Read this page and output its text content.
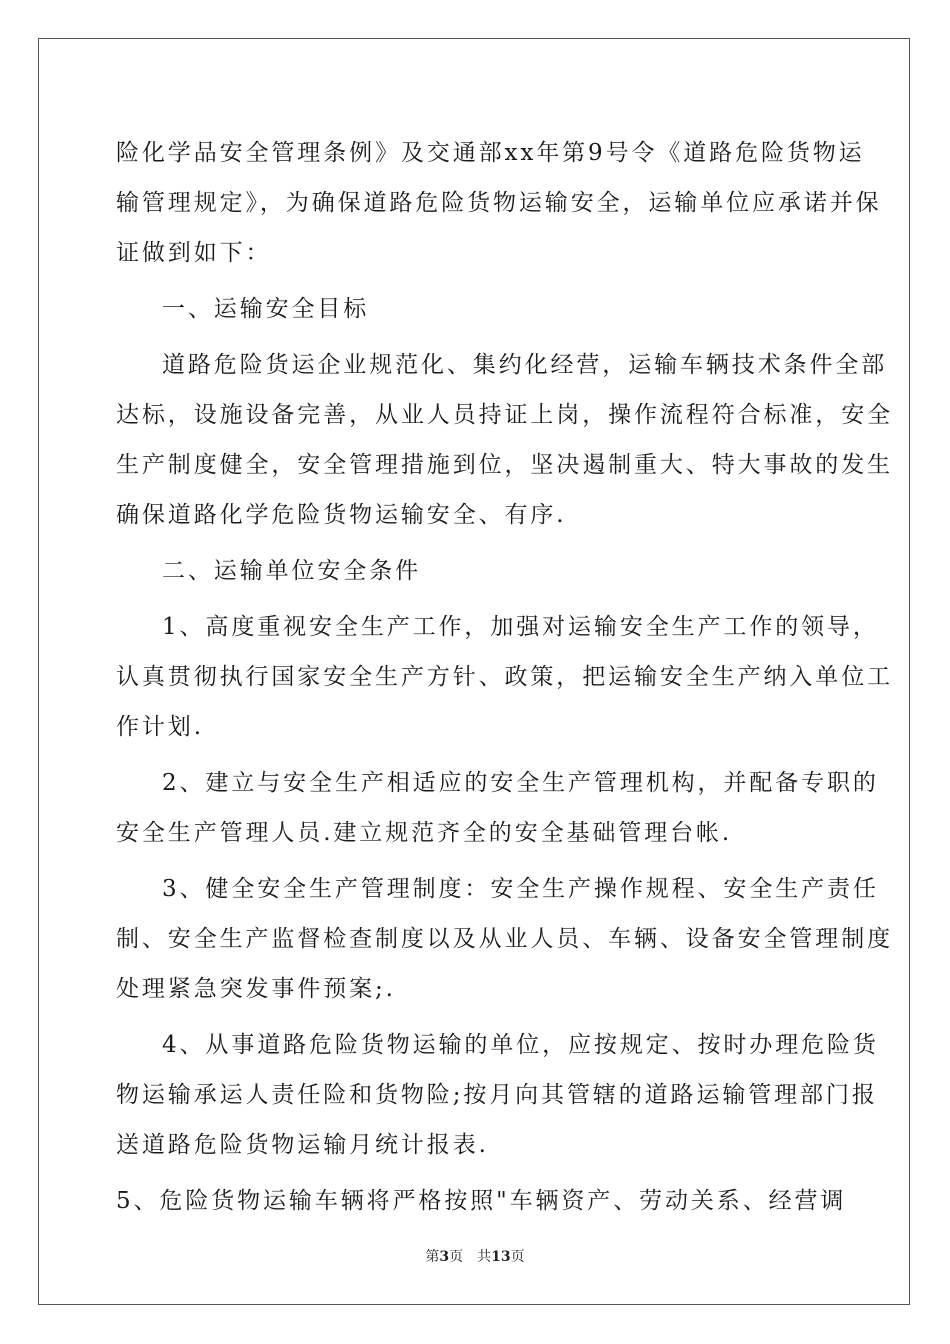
险化学品安全管理条例》及交通部xx年第9号令《道路危险货物运
输管理规定》，为确保道路危险货物运输安全，运输单位应承诺并保
证做到如下：
一、运输安全目标
道路危险货运企业规范化、集约化经营，运输车辆技术条件全部
达标，设施设备完善，从业人员持证上岗，操作流程符合标准，安全
生产制度健全，安全管理措施到位，坚决遏制重大、特大事故的发生
确保道路化学危险货物运输安全、有序.
二、运输单位安全条件
1、高度重视安全生产工作，加强对运输安全生产工作的领导，
认真贯彻执行国家安全生产方针、政策，把运输安全生产纳入单位工
作计划.
2、建立与安全生产相适应的安全生产管理机构，并配备专职的
安全生产管理人员.建立规范齐全的安全基础管理台帐.
3、健全安全生产管理制度：安全生产操作规程、安全生产责任
制、安全生产监督检查制度以及从业人员、车辆、设备安全管理制度
处理紧急突发事件预案;.
4、从事道路危险货物运输的单位，应按规定、按时办理危险货
物运输承运人责任险和货物险;按月向其管辖的道路运输管理部门报
送道路危险货物运输月统计报表.
5、危险货物运输车辆将严格按照"车辆资产、劳动关系、经营调
第3页 共13页
